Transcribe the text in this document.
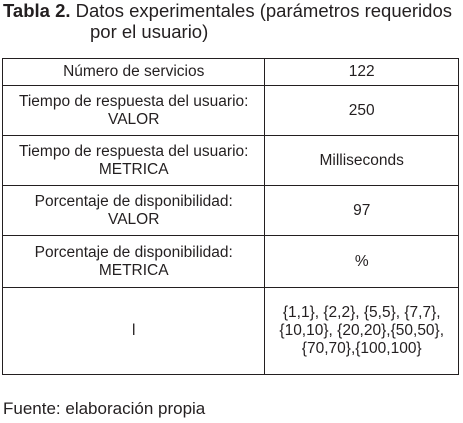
Tabla 2. Datos experimentales (parámetros requeridos
por el usuario)
Número de servicios	122
Tiempo de respuesta del usuario:
VALOR	250
Tiempo de respuesta del usuario:
METRICA	Milliseconds
Porcentaje de disponibilidad:
VALOR	97
Porcentaje de disponibilidad:
METRICA	%
l	{1,1}, {2,2}, {5,5}, {7,7}, {10,10}, {20,20},{50,50},{70,70},{100,100}
Fuente: elaboración propia
